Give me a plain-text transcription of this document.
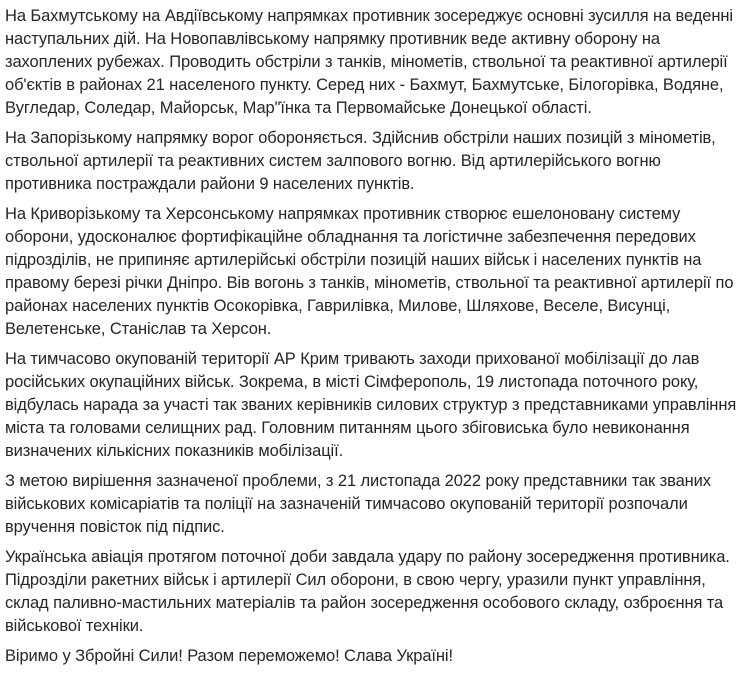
На Бахмутському на Авдіївському напрямках противник зосереджує основні зусилля на веденні наступальних дій. На Новопавлівському напрямку противник веде активну оборону на захоплених рубежах. Проводить обстріли з танків, мінометів, ствольної та реактивної артилерії об'єктів в районах 21 населеного пункту. Серед них - Бахмут, Бахмутське, Білогорівка, Водяне, Вугледар, Соледар, Майорськ, Мар"їнка та Первомайське Донецької області.

На Запорізькому напрямку ворог обороняється. Здійснив обстріли наших позицій з мінометів, ствольної артилерії та реактивних систем залпового вогню. Від артилерійського вогню противника постраждали райони 9 населених пунктів.

На Криворізькому та Херсонському напрямках противник створює ешелоновану систему оборони, удосконалює фортифікаційне обладнання та логістичне забезпечення передових підрозділів, не припиняє артилерійські обстріли позицій наших військ і населених пунктів на правому березі річки Дніпро. Вів вогонь з танків, мінометів, ствольної та реактивної артилерії по районах населених пунктів Осокорівка, Гаврилівка, Милове, Шляхове, Веселе, Висунці, Велетенське, Станіслав та Херсон.

На тимчасово окупованій території АР Крим тривають заходи прихованої мобілізації до лав російських окупаційних військ. Зокрема, в місті Сімферополь, 19 листопада поточного року, відбулась нарада за участі так званих керівників силових структур з представниками управління міста та головами селищних рад. Головним питанням цього збіговиська було невиконання визначених кількісних показників мобілізації.

З метою вирішення зазначеної проблеми, з 21 листопада 2022 року представники так званих військових комісаріатів та поліції на зазначеній тимчасово окупованій території розпочали вручення повісток під підпис.

Українська авіація протягом поточної доби завдала удару по району зосередження противника. Підрозділи ракетних військ і артилерії Сил оборони, в свою чергу, уразили пункт управління, склад паливно-мастильних матеріалів та район зосередження особового складу, озброєння та військової техніки.

Віримо у Збройні Сили! Разом переможемо! Слава Україні!
